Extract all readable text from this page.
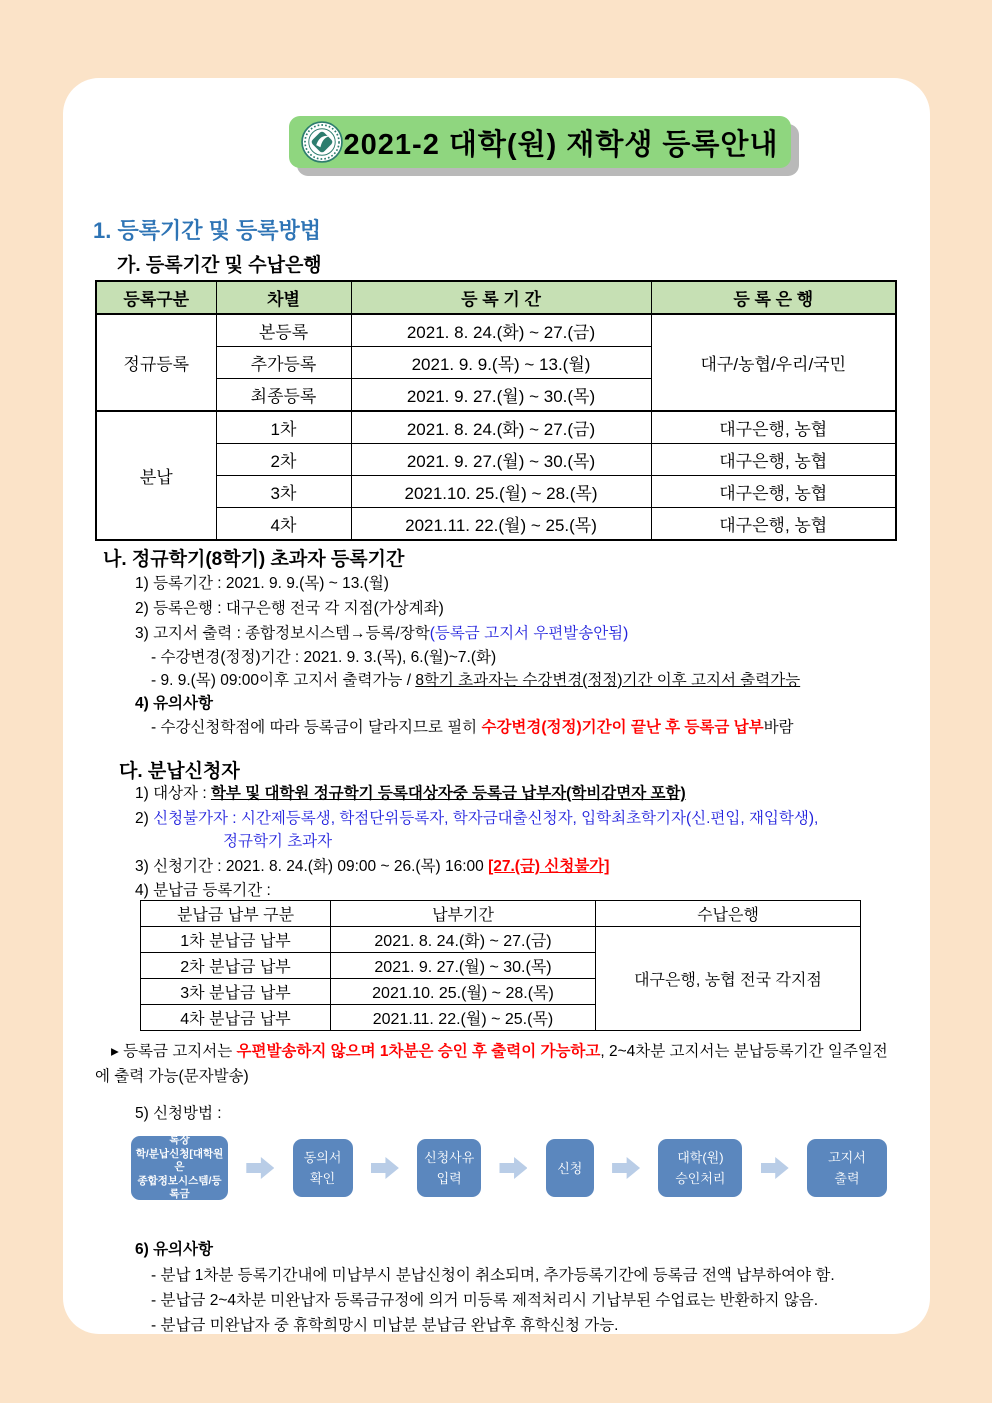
2021-2 대학(원) 재학생 등록안내
1. 등록기간 및 등록방법
가. 등록기간 및 수납은행
등록구분	차별	등 록 기 간	등 록 은 행
정규등록	본등록	2021. 8. 24.(화) ~ 27.(금)	대구/농협/우리/국민
	추가등록	2021. 9. 9.(목) ~ 13.(월)	
	최종등록	2021. 9. 27.(월) ~ 30.(목)	
분납	1차	2021. 8. 24.(화) ~ 27.(금)	대구은행, 농협
	2차	2021. 9. 27.(월) ~ 30.(목)	대구은행, 농협
	3차	2021.10. 25.(월) ~ 28.(목)	대구은행, 농협
	4차	2021.11. 22.(월) ~ 25.(목)	대구은행, 농협
나. 정규학기(8학기) 초과자 등록기간
1) 등록기간 : 2021. 9. 9.(목) ~ 13.(월)
2) 등록은행 : 대구은행 전국 각 지점(가상계좌)
3) 고지서 출력 : 종합정보시스템→등록/장학(등록금 고지서 우편발송안됨)
- 수강변경(정정)기간 : 2021. 9. 3.(목), 6.(월)~7.(화)
- 9. 9.(목) 09:00이후 고지서 출력가능 / 8학기 초과자는 수강변경(정정)기간 이후 고지서 출력가능
4) 유의사항
- 수강신청학점에 따라 등록금이 달라지므로 필히 수강변경(정정)기간이 끝난 후 등록금 납부바람
다. 분납신청자
1) 대상자 : 학부 및 대학원 정규학기 등록대상자중 등록금 납부자(학비감면자 포함)
2) 신청불가자 : 시간제등록생, 학점단위등록자, 학자금대출신청자, 입학최초학기자(신.편입, 재입학생),
정규학기 초과자
3) 신청기간 : 2021. 8. 24.(화) 09:00 ~ 26.(목) 16:00 [27.(금) 신청불가]
4) 분납금 등록기간 :
분납금 납부 구분	납부기간	수납은행
1차 분납금 납부	2021. 8. 24.(화) ~ 27.(금)	대구은행, 농협 전국 각지점
2차 분납금 납부	2021. 9. 27.(월) ~ 30.(목)	
3차 분납금 납부	2021.10. 25.(월) ~ 28.(목)	
4차 분납금 납부	2021.11. 22.(월) ~ 25.(목)	
▸ 등록금 고지서는 우편발송하지 않으며 1차분은 승인 후 출력이 가능하고, 2~4차분 고지서는 분납등록기간 일주일전에 출력 가능(문자발송)
5) 신청방법 :
종합정보시스템/등록장
학/분납신청[대학원은
종합정보시스템/등록금
고지서]
동의서
확인
신청사유
입력
신청
대학(원)
승인처리
고지서
출력
6) 유의사항
- 분납 1차분 등록기간내에 미납부시 분납신청이 취소되며, 추가등록기간에 등록금 전액 납부하여야 함.
- 분납금 2~4차분 미완납자 등록금규정에 의거 미등록 제적처리시 기납부된 수업료는 반환하지 않음.
- 분납금 미완납자 중 휴학희망시 미납분 분납금 완납후 휴학신청 가능.
